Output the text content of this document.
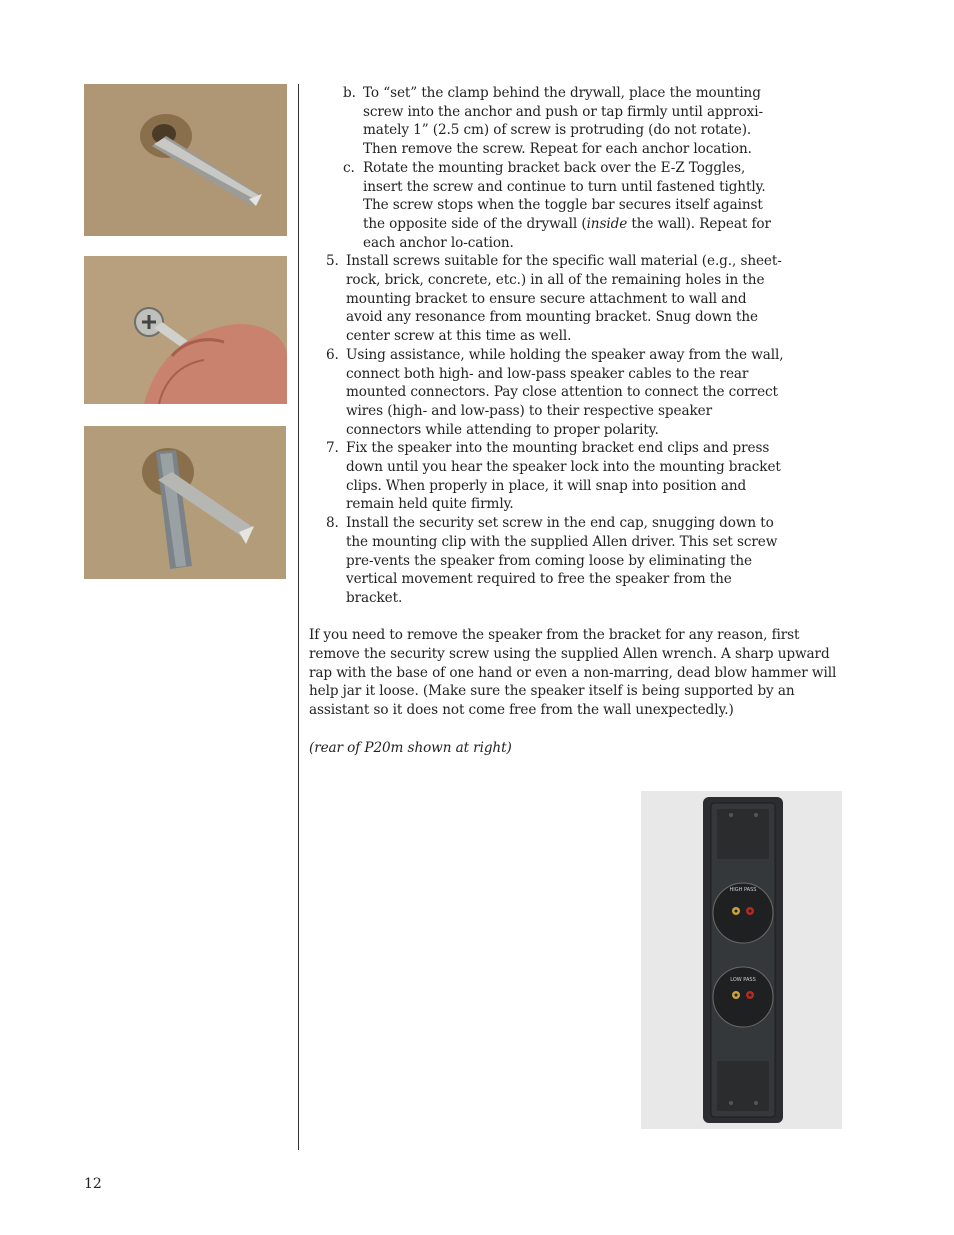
b. To “set” the clamp behind the drywall, place the mounting screw into the anchor and push or tap firmly until approxi-mately 1” (2.5 cm) of screw is protruding (do not rotate). Then remove the screw. Repeat for each anchor location.
c. Rotate the mounting bracket back over the E-Z Toggles, insert the screw and continue to turn until fastened tightly. The screw stops when the toggle bar secures itself against the opposite side of the drywall (inside the wall). Repeat for each anchor lo-cation.
5. Install screws suitable for the specific wall material (e.g., sheet-rock, brick, concrete, etc.) in all of the remaining holes in the mounting bracket to ensure secure attachment to wall and avoid any resonance from mounting bracket. Snug down the center screw at this time as well.
6. Using assistance, while holding the speaker away from the wall, connect both high- and low-pass speaker cables to the rear mounted connectors. Pay close attention to connect the correct wires (high- and low-pass) to their respective speaker connectors while attending to proper polarity.
7. Fix the speaker into the mounting bracket end clips and press down until you hear the speaker lock into the mounting bracket clips. When properly in place, it will snap into position and remain held quite firmly.
8. Install the security set screw in the end cap, snugging down to the mounting clip with the supplied Allen driver. This set screw pre-vents the speaker from coming loose by eliminating the vertical movement required to free the speaker from the bracket.
If you need to remove the speaker from the bracket for any reason, first remove the security screw using the supplied Allen wrench. A sharp upward rap with the base of one hand or even a non-marring, dead blow hammer will help jar it loose. (Make sure the speaker itself is being supported by an assistant so it does not come free from the wall unexpectedly.)
(rear of P20m shown at right)
HIGH PASS
LOW PASS
12
